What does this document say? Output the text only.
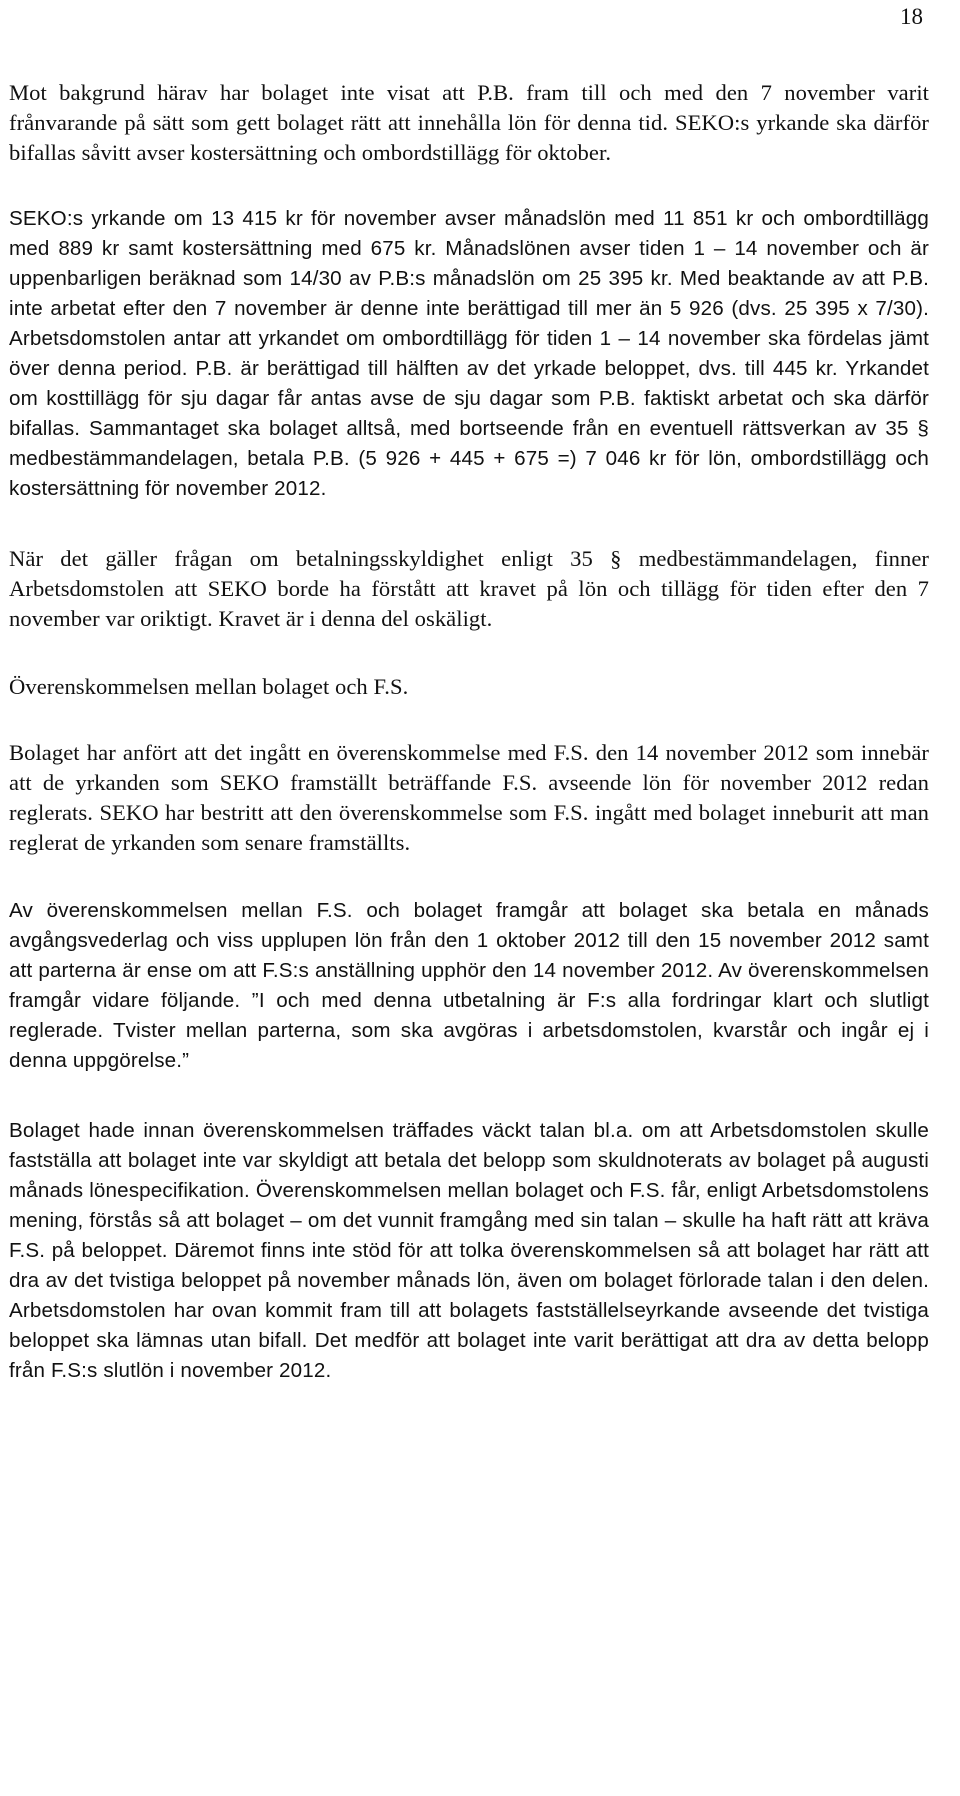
18

Mot bakgrund härav har bolaget inte visat att P.B. fram till och med den 7 november varit frånvarande på sätt som gett bolaget rätt att innehålla lön för denna tid. SEKO:s yrkande ska därför bifallas såvitt avser kostersättning och ombordstillägg för oktober.

SEKO:s yrkande om 13 415 kr för november avser månadslön med 11 851 kr och ombordtillägg med 889 kr samt kostersättning med 675 kr. Månadslönen avser tiden 1 – 14 november och är uppenbarligen beräknad som 14/30 av P.B:s månadslön om 25 395 kr. Med beaktande av att P.B. inte arbetat efter den 7 november är denne inte berättigad till mer än 5 926 (dvs. 25 395 x 7/30). Arbetsdomstolen antar att yrkandet om ombordtillägg för tiden 1 – 14 november ska fördelas jämt över denna period. P.B. är berättigad till hälften av det yrkade beloppet, dvs. till 445 kr. Yrkandet om kosttillägg för sju dagar får antas avse de sju dagar som P.B. faktiskt arbetat och ska därför bifallas. Sammantaget ska bolaget alltså, med bortseende från en eventuell rättsverkan av 35 § medbestämmandelagen, betala P.B. (5 926 + 445 + 675 =) 7 046 kr för lön, ombordstillägg och kostersättning för november 2012.

När det gäller frågan om betalningsskyldighet enligt 35 § medbestämmandelagen, finner Arbetsdomstolen att SEKO borde ha förstått att kravet på lön och tillägg för tiden efter den 7 november var oriktigt. Kravet är i denna del oskäligt.

Överenskommelsen mellan bolaget och F.S.

Bolaget har anfört att det ingått en överenskommelse med F.S. den 14 november 2012 som innebär att de yrkanden som SEKO framställt beträffande F.S. avseende lön för november 2012 redan reglerats. SEKO har bestritt att den överenskommelse som F.S. ingått med bolaget inneburit att man reglerat de yrkanden som senare framställts.

Av överenskommelsen mellan F.S. och bolaget framgår att bolaget ska betala en månads avgångsvederlag och viss upplupen lön från den 1 oktober 2012 till den 15 november 2012 samt att parterna är ense om att F.S:s anställning upphör den 14 november 2012. Av överenskommelsen framgår vidare följande. ”I och med denna utbetalning är F:s alla fordringar klart och slutligt reglerade. Tvister mellan parterna, som ska avgöras i arbetsdomstolen, kvarstår och ingår ej i denna uppgörelse.”

Bolaget hade innan överenskommelsen träffades väckt talan bl.a. om att Arbetsdomstolen skulle fastställa att bolaget inte var skyldigt att betala det belopp som skuldnoterats av bolaget på augusti månads lönespecifikation. Överenskommelsen mellan bolaget och F.S. får, enligt Arbetsdomstolens mening, förstås så att bolaget – om det vunnit framgång med sin talan – skulle ha haft rätt att kräva F.S. på beloppet. Däremot finns inte stöd för att tolka överenskommelsen så att bolaget har rätt att dra av det tvistiga beloppet på november månads lön, även om bolaget förlorade talan i den delen. Arbetsdomstolen har ovan kommit fram till att bolagets fastställelseyrkande avseende det tvistiga beloppet ska lämnas utan bifall. Det medför att bolaget inte varit berättigat att dra av detta belopp från F.S:s slutlön i november 2012.
